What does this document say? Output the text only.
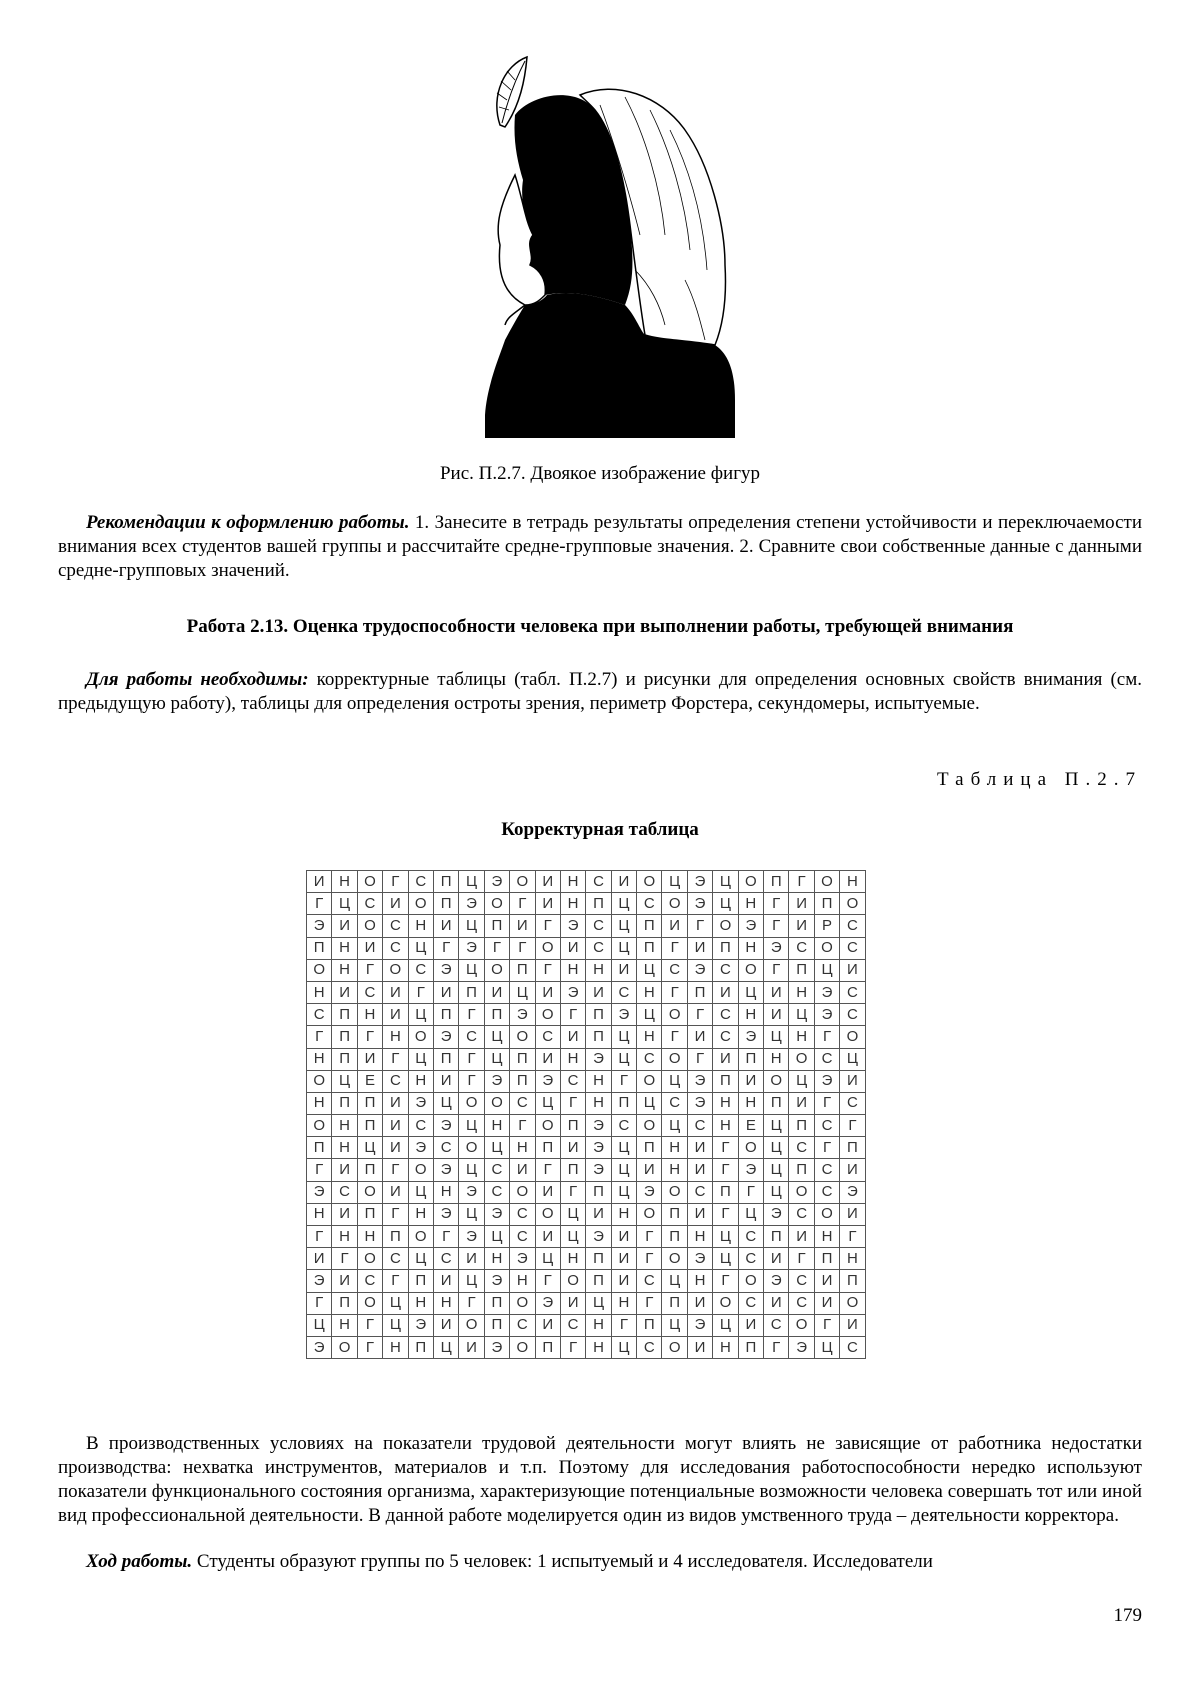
Рис. П.2.7. Двоякое изображение фигур
Рекомендации к оформлению работы. 1. Занесите в тетрадь результаты определения степени устойчивости и переключаемости внимания всех студентов вашей группы и рассчитайте средне-групповые значения. 2. Сравните свои собственные данные с данными средне-групповых значений.
Работа 2.13. Оценка трудоспособности человека при выполнении работы, требующей внимания
Для работы необходимы: корректурные таблицы (табл. П.2.7) и рисунки для определения основных свойств внимания (см. предыдущую работу), таблицы для определения остроты зрения, периметр Форстера, секундомеры, испытуемые.
Таблица П.2.7
Корректурная таблица
И	Н	О	Г	С	П	Ц	Э	О	И	Н	С	И	О	Ц	Э	Ц	О	П	Г	О	Н
Г	Ц	С	И	О	П	Э	О	Г	И	Н	П	Ц	С	О	Э	Ц	Н	Г	И	П	О
Э	И	О	С	Н	И	Ц	П	И	Г	Э	С	Ц	П	И	Г	О	Э	Г	И	Р	С
П	Н	И	С	Ц	Г	Э	Г	Г	О	И	С	Ц	П	Г	И	П	Н	Э	С	О	С
О	Н	Г	О	С	Э	Ц	О	П	Г	Н	Н	И	Ц	С	Э	С	О	Г	П	Ц	И
Н	И	С	И	Г	И	П	И	Ц	И	Э	И	С	Н	Г	П	И	Ц	И	Н	Э	С
С	П	Н	И	Ц	П	Г	П	Э	О	Г	П	Э	Ц	О	Г	С	Н	И	Ц	Э	С
Г	П	Г	Н	О	Э	С	Ц	О	С	И	П	Ц	Н	Г	И	С	Э	Ц	Н	Г	О
Н	П	И	Г	Ц	П	Г	Ц	П	И	Н	Э	Ц	С	О	Г	И	П	Н	О	С	Ц
О	Ц	Е	С	Н	И	Г	Э	П	Э	С	Н	Г	О	Ц	Э	П	И	О	Ц	Э	И
Н	П	П	И	Э	Ц	О	О	С	Ц	Г	Н	П	Ц	С	Э	Н	Н	П	И	Г	С
О	Н	П	И	С	Э	Ц	Н	Г	О	П	Э	С	О	Ц	С	Н	Е	Ц	П	С	Г
П	Н	Ц	И	Э	С	О	Ц	Н	П	И	Э	Ц	П	Н	И	Г	О	Ц	С	Г	П
Г	И	П	Г	О	Э	Ц	С	И	Г	П	Э	Ц	И	Н	И	Г	Э	Ц	П	С	И
Э	С	О	И	Ц	Н	Э	С	О	И	Г	П	Ц	Э	О	С	П	Г	Ц	О	С	Э
Н	И	П	Г	Н	Э	Ц	Э	С	О	Ц	И	Н	О	П	И	Г	Ц	Э	С	О	И
Г	Н	Н	П	О	Г	Э	Ц	С	И	Ц	Э	И	Г	П	Н	Ц	С	П	И	Н	Г
И	Г	О	С	Ц	С	И	Н	Э	Ц	Н	П	И	Г	О	Э	Ц	С	И	Г	П	Н
Э	И	С	Г	П	И	Ц	Э	Н	Г	О	П	И	С	Ц	Н	Г	О	Э	С	И	П
Г	П	О	Ц	Н	Н	Г	П	О	Э	И	Ц	Н	Г	П	И	О	С	И	С	И	О
Ц	Н	Г	Ц	Э	И	О	П	С	И	С	Н	Г	П	Ц	Э	Ц	И	С	О	Г	И
Э	О	Г	Н	П	Ц	И	Э	О	П	Г	Н	Ц	С	О	И	Н	П	Г	Э	Ц	С
В производственных условиях на показатели трудовой деятельности могут влиять не зависящие от работника недостатки производства: нехватка инструментов, материалов и т.п. Поэтому для исследования работоспособности нередко используют показатели функционального состояния организма, характеризующие потенциальные возможности человека совершать тот или иной вид профессиональной деятельности. В данной работе моделируется один из видов умственного труда – деятельности корректора.
Ход работы. Студенты образуют группы по 5 человек: 1 испытуемый и 4 исследователя. Исследователи
179
